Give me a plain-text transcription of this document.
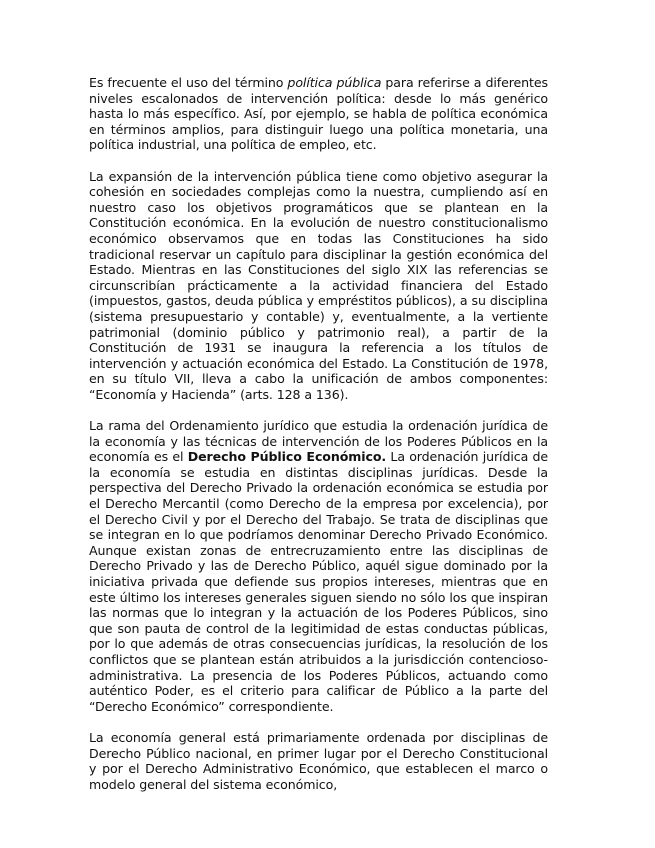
Es frecuente el uso del término política pública para referirse a diferentes niveles escalonados de intervención política: desde lo más genérico hasta lo más específico. Así, por ejemplo, se habla de política económica en términos amplios, para distinguir luego una política monetaria, una política industrial, una política de empleo, etc.

La expansión de la intervención pública tiene como objetivo asegurar la cohesión en sociedades complejas como la nuestra, cumpliendo así en nuestro caso los objetivos programáticos que se plantean en la Constitución económica. En la evolución de nuestro constitucionalismo económico observamos que en todas las Constituciones ha sido tradicional reservar un capítulo para disciplinar la gestión económica del Estado. Mientras en las Constituciones del siglo XIX las referencias se circunscribían prácticamente a la actividad financiera del Estado (impuestos, gastos, deuda pública y empréstitos públicos), a su disciplina (sistema presupuestario y contable) y, eventualmente, a la vertiente patrimonial (dominio público y patrimonio real), a partir de la Constitución de 1931 se inaugura la referencia a los títulos de intervención y actuación económica del Estado. La Constitución de 1978, en su título VII, lleva a cabo la unificación de ambos componentes: “Economía y Hacienda” (arts. 128 a 136).

La rama del Ordenamiento jurídico que estudia la ordenación jurídica de la economía y las técnicas de intervención de los Poderes Públicos en la economía es el Derecho Público Económico. La ordenación jurídica de la economía se estudia en distintas disciplinas jurídicas. Desde la perspectiva del Derecho Privado la ordenación económica se estudia por el Derecho Mercantil (como Derecho de la empresa por excelencia), por el Derecho Civil y por el Derecho del Trabajo. Se trata de disciplinas que se integran en lo que podríamos denominar Derecho Privado Económico. Aunque existan zonas de entrecruzamiento entre las disciplinas de Derecho Privado y las de Derecho Público, aquél sigue dominado por la iniciativa privada que defiende sus propios intereses, mientras que en este último los intereses generales siguen siendo no sólo los que inspiran las normas que lo integran y la actuación de los Poderes Públicos, sino que son pauta de control de la legitimidad de estas conductas públicas, por lo que además de otras consecuencias jurídicas, la resolución de los conflictos que se plantean están atribuidos a la jurisdicción contencioso-administrativa. La presencia de los Poderes Públicos, actuando como auténtico Poder, es el criterio para calificar de Público a la parte del “Derecho Económico” correspondiente.

La economía general está primariamente ordenada por disciplinas de Derecho Público nacional, en primer lugar por el Derecho Constitucional y por el Derecho Administrativo Económico, que establecen el marco o modelo general del sistema económico,
